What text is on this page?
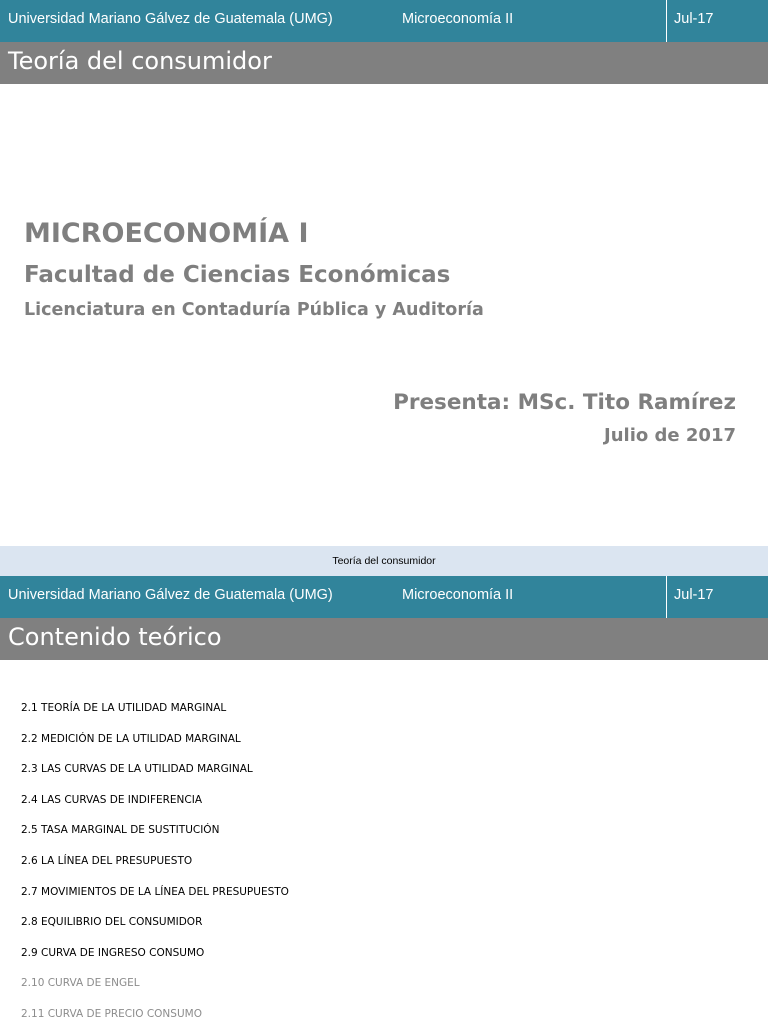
Universidad Mariano Gálvez de Guatemala (UMG)	Microeconomía II	Jul-17
Teoría del consumidor
MICROECONOMÍA I
Facultad de Ciencias Económicas
Licenciatura en Contaduría Pública y Auditoría
Presenta: MSc. Tito Ramírez
Julio de 2017
Teoría del consumidor
Universidad Mariano Gálvez de Guatemala (UMG)	Microeconomía II	Jul-17
Contenido teórico
2.1 TEORÍA DE LA UTILIDAD MARGINAL
2.2 MEDICIÓN DE LA UTILIDAD MARGINAL
2.3 LAS CURVAS DE LA UTILIDAD MARGINAL
2.4 LAS CURVAS DE INDIFERENCIA
2.5 TASA MARGINAL DE SUSTITUCIÓN
2.6 LA LÍNEA DEL PRESUPUESTO
2.7 MOVIMIENTOS DE LA LÍNEA DEL PRESUPUESTO
2.8 EQUILIBRIO DEL CONSUMIDOR
2.9 CURVA DE INGRESO CONSUMO
2.10 CURVA DE ENGEL
2.11 CURVA DE PRECIO CONSUMO
